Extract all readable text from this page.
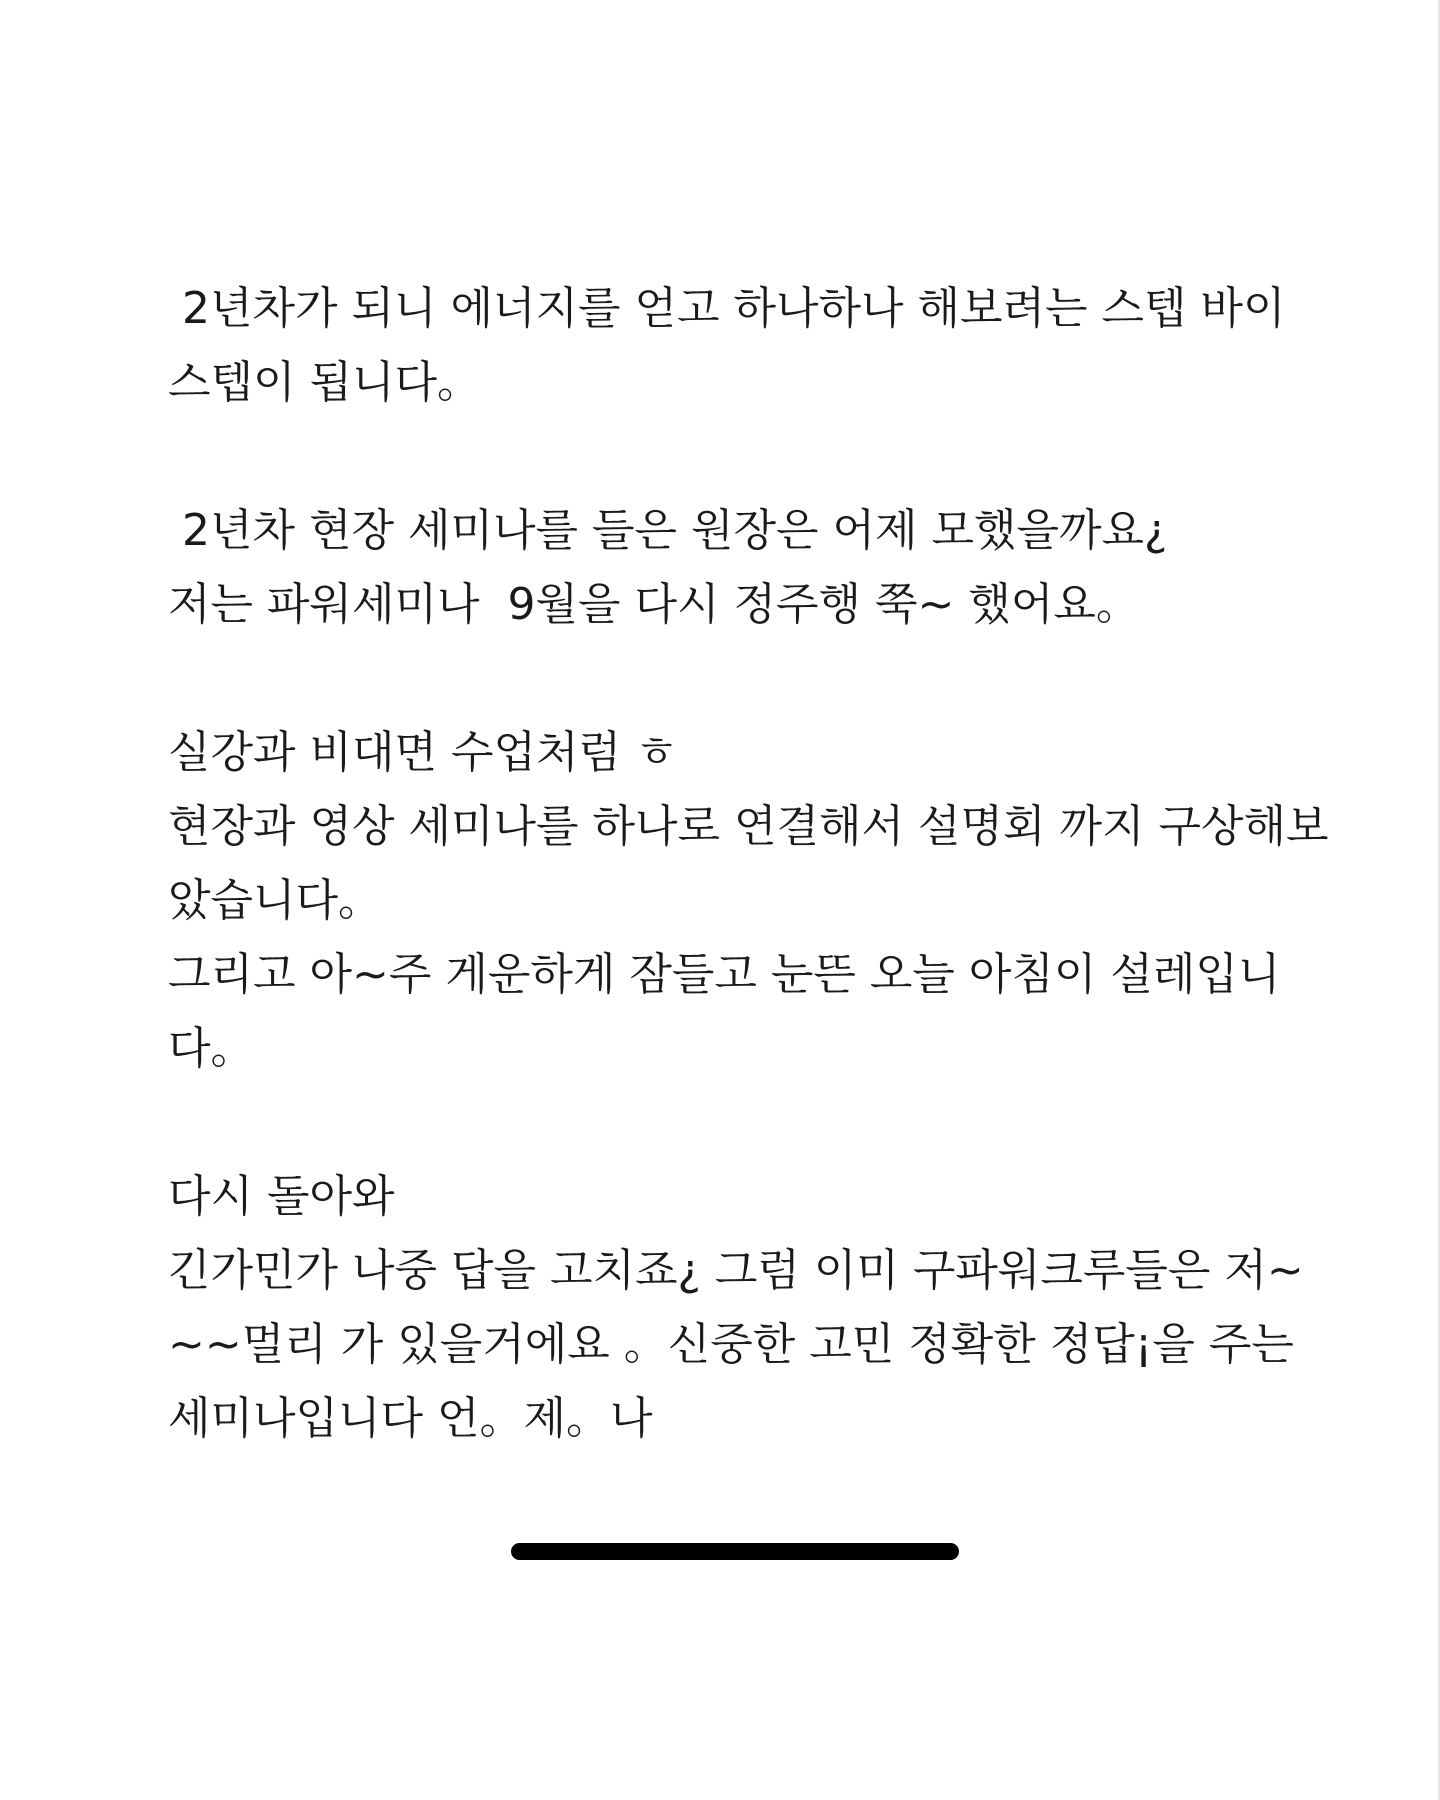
2년차가 되니 에너지를 얻고 하나하나 해보려는 스텝 바이
스텝이 됩니다。
2년차 현장 세미나를 들은 원장은 어제 모했을까요¿
저는 파워세미나  9월을 다시 정주행 쭉~ 했어요。
실강과 비대면 수업처럼 ㅎ
현장과 영상 세미나를 하나로 연결해서 설명회 까지 구상해보
았습니다。
그리고 아~주 게운하게 잠들고 눈뜬 오늘 아침이 설레입니
다。
다시 돌아와
긴가민가 나중 답을 고치죠¿ 그럼 이미 구파워크루들은 저~
~~멀리 가 있을거에요 。신중한 고민 정확한 정답¡을 주는
세미나입니다 언。제。나
